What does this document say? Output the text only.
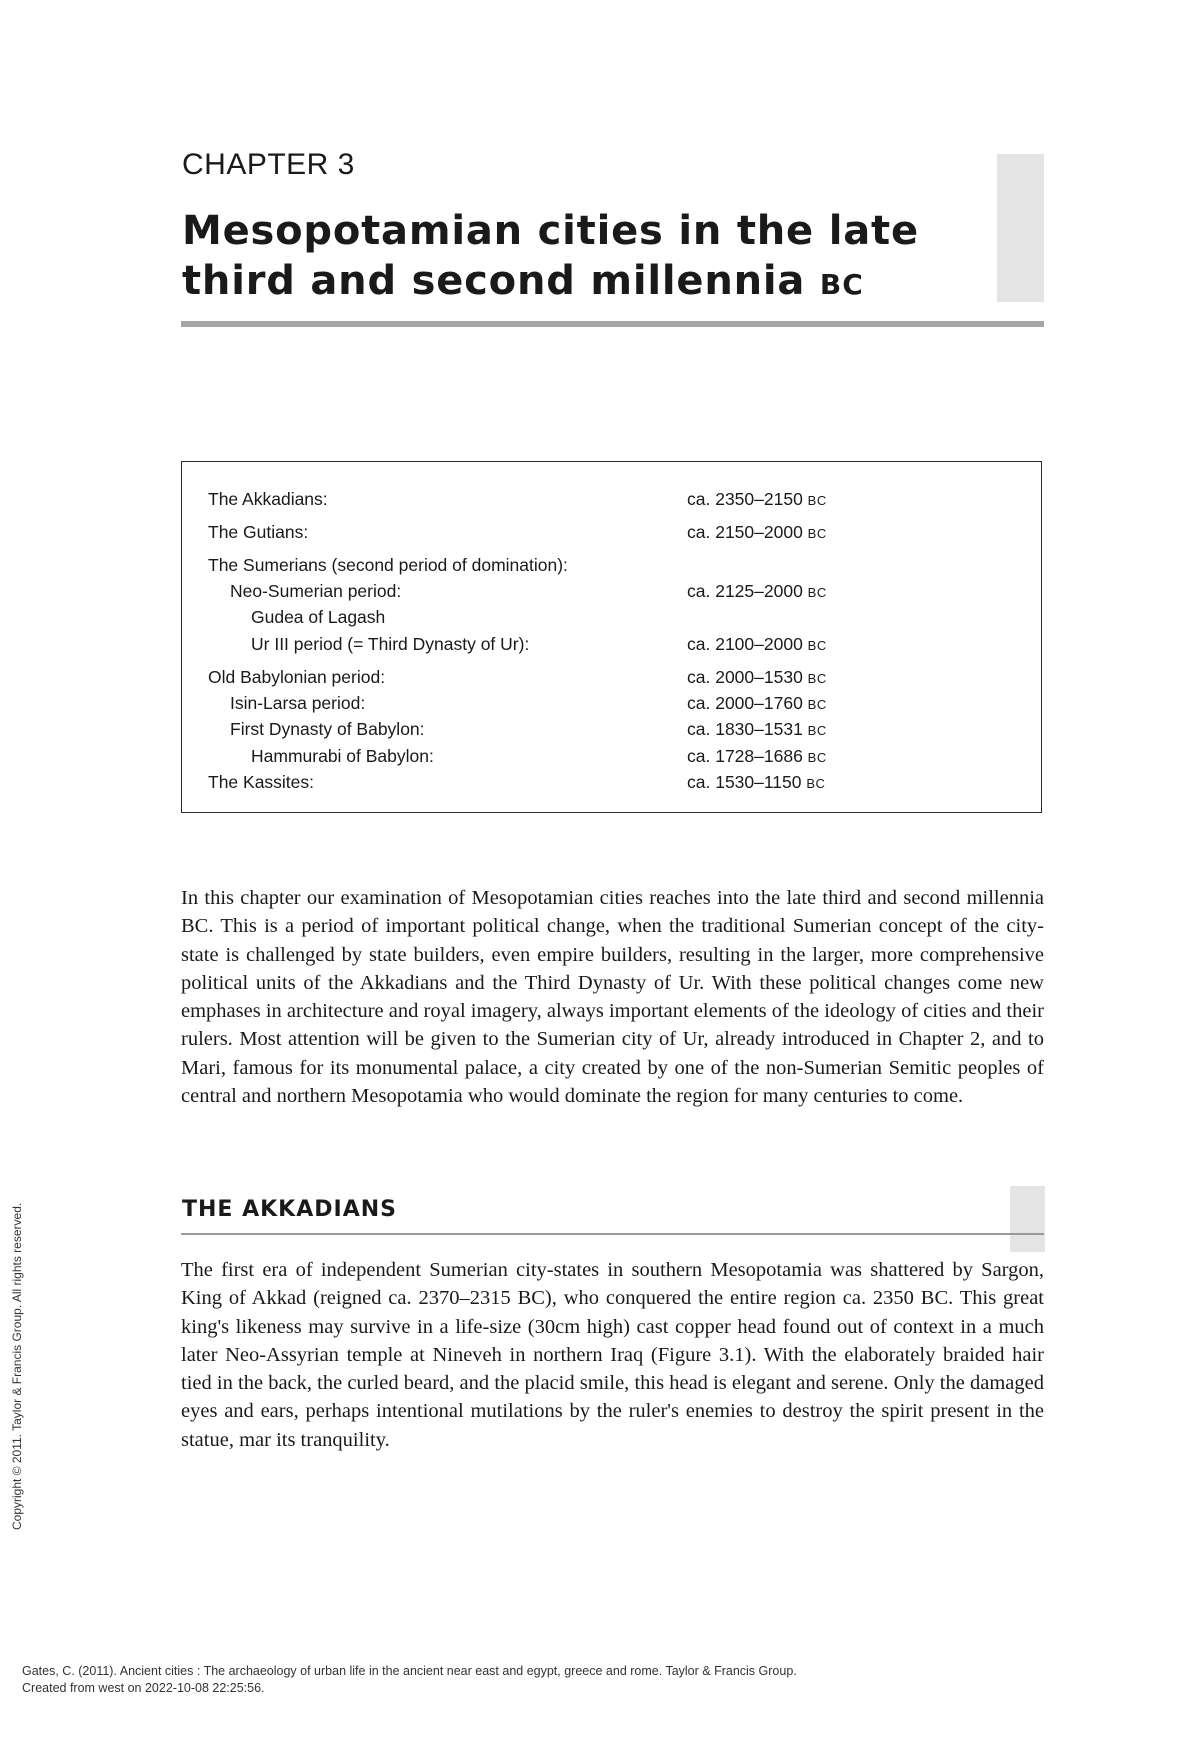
CHAPTER 3
Mesopotamian cities in the late third and second millennia BC
The Akkadians:	ca. 2350–2150 BC
The Gutians:	ca. 2150–2000 BC
The Sumerians (second period of domination):
Neo-Sumerian period:	ca. 2125–2000 BC
Gudea of Lagash
Ur III period (= Third Dynasty of Ur):	ca. 2100–2000 BC
Old Babylonian period:	ca. 2000–1530 BC
Isin-Larsa period:	ca. 2000–1760 BC
First Dynasty of Babylon:	ca. 1830–1531 BC
Hammurabi of Babylon:	ca. 1728–1686 BC
The Kassites:	ca. 1530–1150 BC

In this chapter our examination of Mesopotamian cities reaches into the late third and second millennia BC. This is a period of important political change, when the traditional Sumerian concept of the city-state is challenged by state builders, even empire builders, resulting in the larger, more comprehensive political units of the Akkadians and the Third Dynasty of Ur. With these political changes come new emphases in architecture and royal imagery, always important elements of the ideology of cities and their rulers. Most attention will be given to the Sumerian city of Ur, already introduced in Chapter 2, and to Mari, famous for its monumental palace, a city created by one of the non-Sumerian Semitic peoples of central and northern Mesopotamia who would dominate the region for many centuries to come.

THE AKKADIANS

The first era of independent Sumerian city-states in southern Mesopotamia was shattered by Sargon, King of Akkad (reigned ca. 2370–2315 BC), who conquered the entire region ca. 2350 BC. This great king's likeness may survive in a life-size (30cm high) cast copper head found out of context in a much later Neo-Assyrian temple at Nineveh in northern Iraq (Figure 3.1). With the elaborately braided hair tied in the back, the curled beard, and the placid smile, this head is elegant and serene. Only the damaged eyes and ears, perhaps intentional mutilations by the ruler's enemies to destroy the spirit present in the statue, mar its tranquility.

Copyright © 2011. Taylor & Francis Group. All rights reserved.
Gates, C. (2011). Ancient cities : The archaeology of urban life in the ancient near east and egypt, greece and rome. Taylor & Francis Group.
Created from west on 2022-10-08 22:25:56.
